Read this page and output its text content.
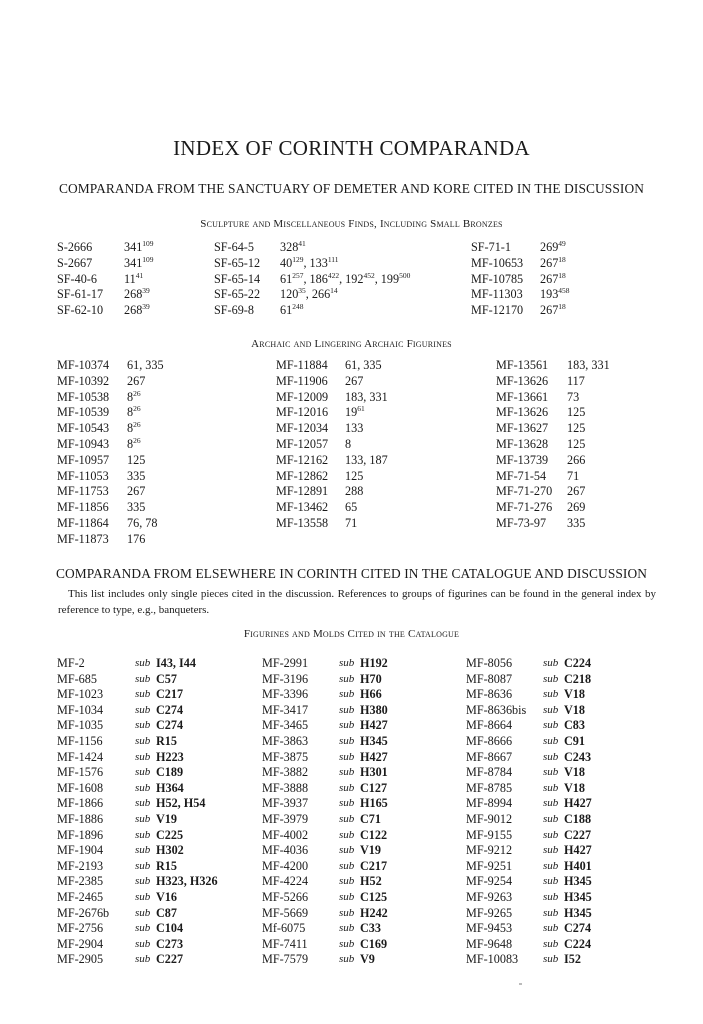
INDEX OF CORINTH COMPARANDA
COMPARANDA FROM THE SANCTUARY OF DEMETER AND KORE CITED IN THE DISCUSSION
Sculpture and Miscellaneous Finds, Including Small Bronzes
S-2666	$341^{109}$
S-2667	$341^{109}$
SF-40-6 $11^{41}$
SF-61-17 $268^{39}$
SF-62-10 $268^{39}$
SF-64-5 $328^{41}$
SF-65-12 $40^{129}$, $133^{111}$
SF-65-14 $61^{257}$, $186^{422}$, $192^{452}$, $199^{500}$
SF-65-22 $120^{35}$, $266^{14}$
SF-69-8 $61^{248}$
SF-71-1 $269^{49}$
MF-10653 $267^{18}$
MF-10785 $267^{18}$
MF-11303 $193^{458}$
MF-12170 $267^{18}$
Archaic and Lingering Archaic Figurines
MF-10374 61, 335
MF-10392 267
MF-10538 $8^{26}$
MF-10539 $8^{26}$
MF-10543 $8^{26}$
MF-10943 $8^{26}$
MF-10957 125
MF-11053 335
MF-11753 267
MF-11856 335
MF-11864 76, 78
MF-11873 176
MF-11884 61, 335
MF-11906 267
MF-12009 183, 331
MF-12016 $19^{61}$
MF-12034 133
MF-12057 8
MF-12162 133, 187
MF-12862 125
MF-12891 288
MF-13462 65
MF-13558 71
MF-13561 183, 331
MF-13626 117
MF-13661 73
MF-13626 125
MF-13627 125
MF-13628 125
MF-13739 266
MF-71-54 71
MF-71-270 267
MF-71-276 269
MF-73-97 335
COMPARANDA FROM ELSEWHERE IN CORINTH CITED IN THE CATALOGUE AND DISCUSSION
This list includes only single pieces cited in the discussion. References to groups of figurines can be found in the general index by reference to type, e.g., banqueters.
Figurines and Molds Cited in the Catalogue
MF-2	sub I43, I44
MF-685	sub C57
MF-1023	sub C217
MF-1034	sub C274
MF-1035	sub C274
MF-1156	sub R15
MF-1424	sub H223
MF-1576	sub C189
MF-1608	sub H364
MF-1866	sub H52, H54
MF-1886	sub V19
MF-1896	sub C225
MF-1904	sub H302
MF-2193	sub R15
MF-2385	sub H323, H326
MF-2465	sub V16
MF-2676b sub C87
MF-2756	sub C104
MF-2904	sub C273
MF-2905	sub C227
MF-2991	sub H192
MF-3196	sub H70
MF-3396	sub H66
MF-3417	sub H380
MF-3465	sub H427
MF-3863	sub H345
MF-3875	sub H427
MF-3882	sub H301
MF-3888	sub C127
MF-3937	sub H165
MF-3979	sub C71
MF-4002	sub C122
MF-4036	sub V19
MF-4200	sub C217
MF-4224	sub H52
MF-5266	sub C125
MF-5669	sub H242
Mf-6075	sub C33
MF-7411	sub C169
MF-7579	sub V9
MF-8056	sub C224
MF-8087	sub C218
MF-8636	sub V18
MF-8636bis sub V18
MF-8664	sub C83
MF-8666	sub C91
MF-8667	sub C243
MF-8784	sub V18
MF-8785	sub V18
MF-8994	sub H427
MF-9012	sub C188
MF-9155	sub C227
MF-9212	sub H427
MF-9251	sub H401
MF-9254	sub H345
MF-9263	sub H345
MF-9265	sub H345
MF-9453	sub C274
MF-9648	sub C224
MF-10083 sub I52
